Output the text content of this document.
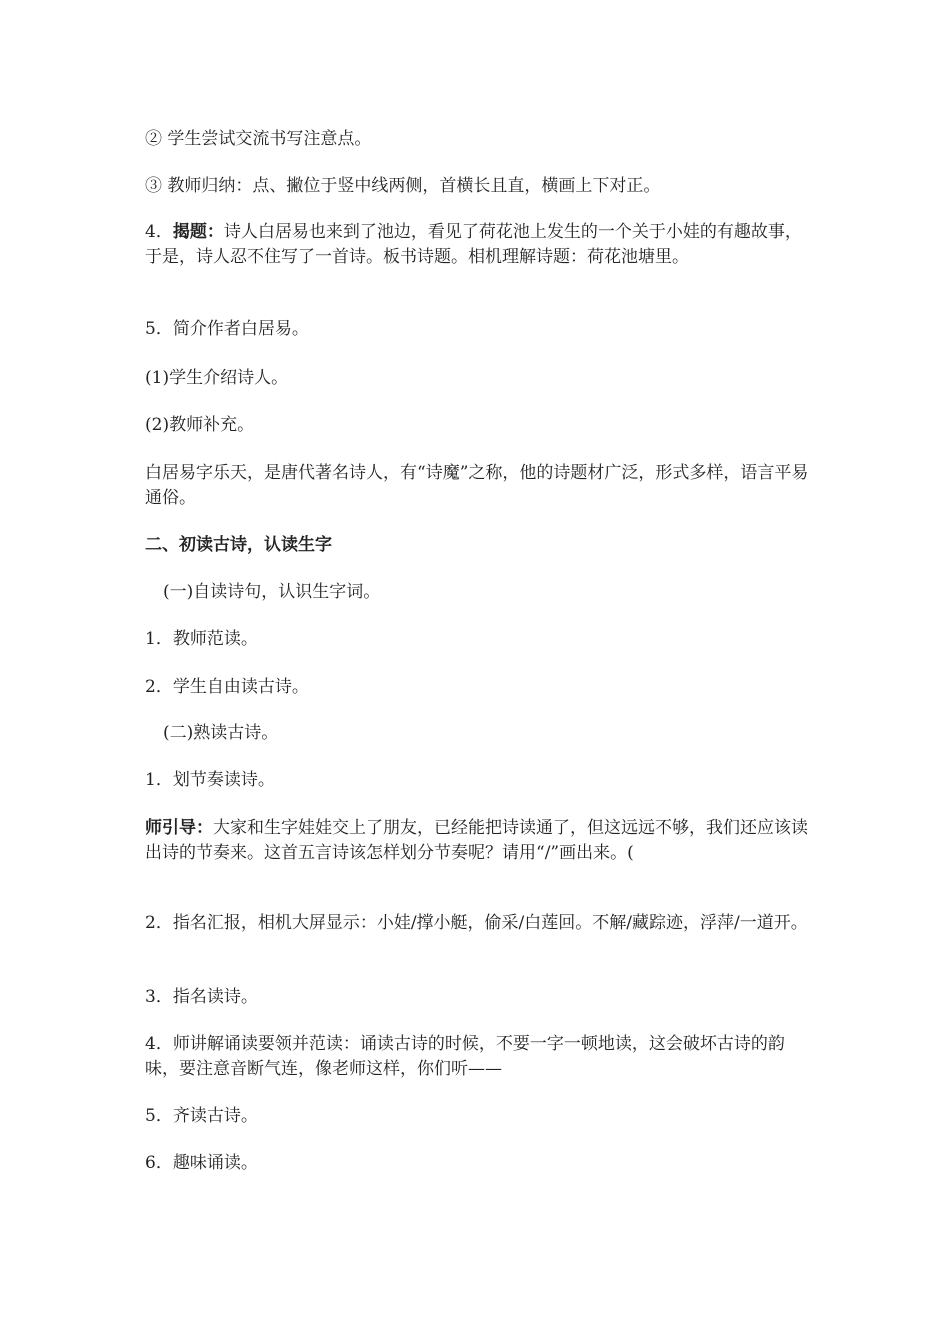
② 学生尝试交流书写注意点。

③ 教师归纳：点、撇位于竖中线两侧，首横长且直，横画上下对正。

4．揭题：诗人白居易也来到了池边，看见了荷花池上发生的一个关于小娃的有趣故事，于是，诗人忍不住写了一首诗。板书诗题。相机理解诗题：荷花池塘里。

5．简介作者白居易。

(1)学生介绍诗人。

(2)教师补充。

白居易字乐天，是唐代著名诗人，有“诗魔”之称，他的诗题材广泛，形式多样，语言平易通俗。

二、初读古诗，认读生字

(一)自读诗句，认识生字词。

1．教师范读。

2．学生自由读古诗。

(二)熟读古诗。

1．划节奏读诗。

师引导：大家和生字娃娃交上了朋友，已经能把诗读通了，但这远远不够，我们还应该读出诗的节奏来。这首五言诗该怎样划分节奏呢？请用“/”画出来。(

2．指名汇报，相机大屏显示：小娃/撑小艇，偷采/白莲回。不解/藏踪迹，浮萍/一道开。

3．指名读诗。

4．师讲解诵读要领并范读：诵读古诗的时候，不要一字一顿地读，这会破坏古诗的韵味，要注意音断气连，像老师这样，你们听——

5．齐读古诗。

6．趣味诵读。
